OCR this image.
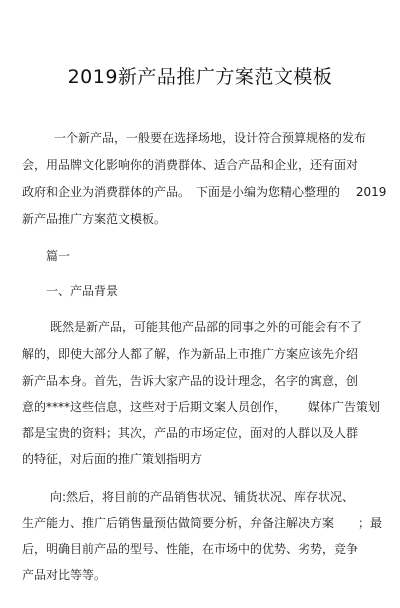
2019新产品推广方案范文模板
一个新产品，一般要在选择场地，设计符合预算规格的发布
会，用品牌文化影响你的消费群体、适合产品和企业，还有面对
政府和企业为消费群体的产品。　下面是小编为您精心整理的　 2019
新产品推广方案范文模板。
篇一
一、产品背景
既然是新产品，可能其他产品部的同事之外的可能会有不了
解的，即使大部分人都了解，作为新品上市推广方案应该先介绍
新产品本身。首先，告诉大家产品的设计理念，名字的寓意，创
意的****这些信息，这些对于后期文案人员创作，　　 媒体广告策划
都是宝贵的资料；其次，产品的市场定位，面对的人群以及人群
的特征，对后面的推广策划指明方
向:然后，将目前的产品销售状况、铺货状况、库存状况、
生产能力、推广后销售量预估做简要分析，弁备注解决方案　　；最
后，明确目前产品的型号、性能，在市场中的优势、劣势，竞争
产品对比等等。
